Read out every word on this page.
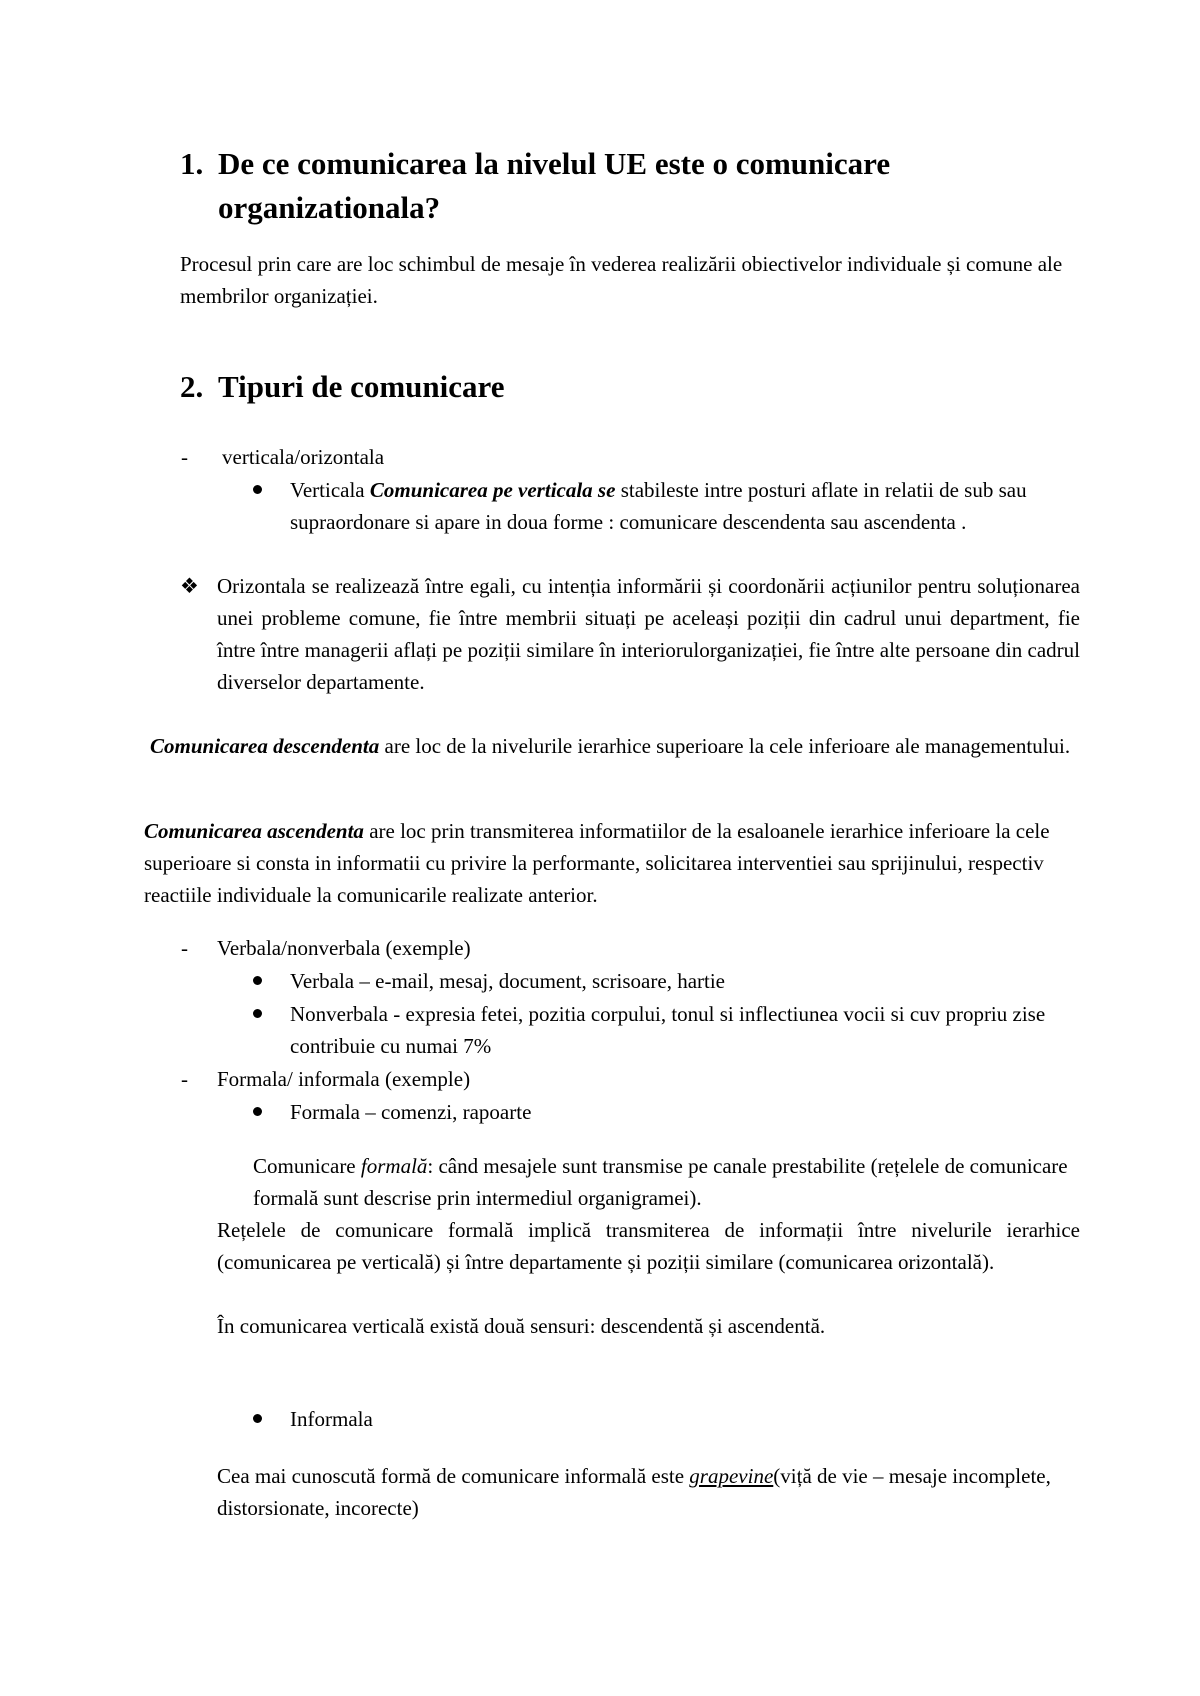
1. De ce comunicarea la nivelul UE este o comunicare organizationala?
Procesul prin care are loc schimbul de mesaje în vederea realizării obiectivelor individuale și comune ale membrilor organizației.
2. Tipuri de comunicare
- verticala/orizontala
Verticala Comunicarea pe verticala se stabileste intre posturi aflate in relatii de sub sau supraordonare si apare in doua forme : comunicare descendenta sau ascendenta .
❖ Orizontala se realizează între egali, cu intenția informării și coordonării acțiunilor pentru soluționarea unei probleme comune, fie între membrii situați pe aceleași poziții din cadrul unui department, fie între între managerii aflați pe poziții similare în interiorulorganizației, fie între alte persoane din cadrul diverselor departamente.
Comunicarea descendenta are loc de la nivelurile ierarhice superioare la cele inferioare ale managementului.
Comunicarea ascendenta are loc prin transmiterea informatiilor de la esaloanele ierarhice inferioare la cele superioare si consta in informatii cu privire la performante, solicitarea interventiei sau sprijinului, respectiv reactiile individuale la comunicarile realizate anterior.
- Verbala/nonverbala (exemple)
Verbala – e-mail, mesaj, document, scrisoare, hartie
Nonverbala - expresia fetei, pozitia corpului, tonul si inflectiunea vocii si cuv propriu zise contribuie cu numai 7%
- Formala/ informala (exemple)
Formala – comenzi, rapoarte
Comunicare formală: când mesajele sunt transmise pe canale prestabilite (rețelele de comunicare formală sunt descrise prin intermediul organigramei).
Rețelele de comunicare formală implică transmiterea de informații între nivelurile ierarhice (comunicarea pe verticală) și între departamente și poziții similare (comunicarea orizontală).
În comunicarea verticală există două sensuri: descendentă și ascendentă.
Informala
Cea mai cunoscută formă de comunicare informală este grapevine(viță de vie – mesaje incomplete, distorsionate, incorecte)
